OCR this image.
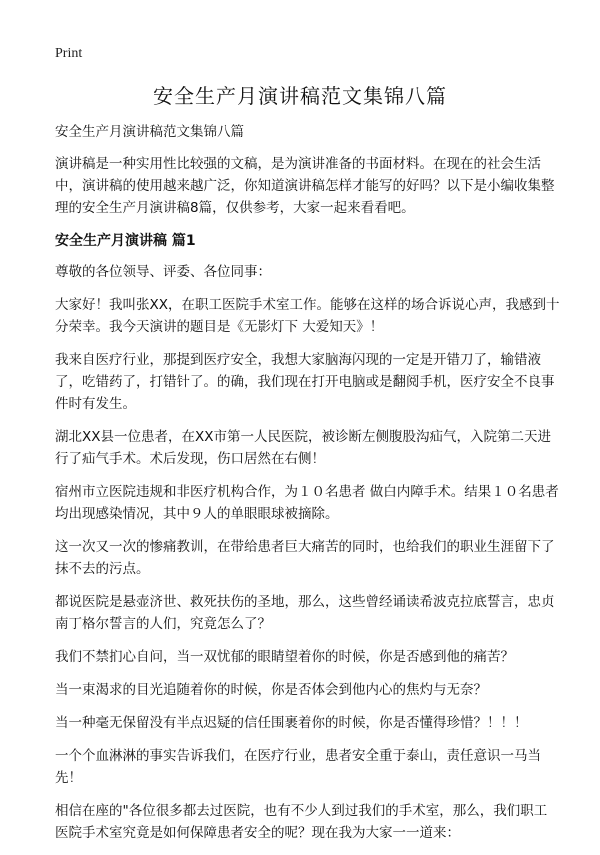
Print
安全生产月演讲稿范文集锦八篇

安全生产月演讲稿范文集锦八篇

演讲稿是一种实用性比较强的文稿，是为演讲准备的书面材料。在现在的社会生活中，演讲稿的使用越来越广泛，你知道演讲稿怎样才能写的好吗？以下是小编收集整理的安全生产月演讲稿8篇，仅供参考，大家一起来看看吧。

安全生产月演讲稿 篇1

尊敬的各位领导、评委、各位同事：

大家好！我叫张XX，在职工医院手术室工作。能够在这样的场合诉说心声，我感到十分荣幸。我今天演讲的题目是《无影灯下 大爱知天》！

我来自医疗行业，那提到医疗安全，我想大家脑海闪现的一定是开错刀了，输错液了，吃错药了，打错针了。的确，我们现在打开电脑或是翻阅手机，医疗安全不良事件时有发生。

湖北XX县一位患者，在XX市第一人民医院，被诊断左侧腹股沟疝气，入院第二天进行了疝气手术。术后发现，伤口居然在右侧！

宿州市立医院违规和非医疗机构合作，为１０名患者 做白内障手术。结果１０名患者均出现感染情况，其中９人的单眼眼球被摘除。

这一次又一次的惨痛教训，在带给患者巨大痛苦的同时，也给我们的职业生涯留下了抹不去的污点。

都说医院是悬壶济世、救死扶伤的圣地，那么，这些曾经诵读希波克拉底誓言，忠贞南丁格尔誓言的人们，究竟怎么了？

我们不禁扪心自问，当一双忧郁的眼睛望着你的时候，你是否感到他的痛苦？

当一束渴求的目光追随着你的时候，你是否体会到他内心的焦灼与无奈？

当一种毫无保留没有半点迟疑的信任围裹着你的时候，你是否懂得珍惜？！！！

一个个血淋淋的事实告诉我们，在医疗行业，患者安全重于泰山，责任意识一马当先！

相信在座的"各位很多都去过医院，也有不少人到过我们的手术室，那么，我们职工医院手术室究竟是如何保障患者安全的呢？现在我为大家一一道来：
